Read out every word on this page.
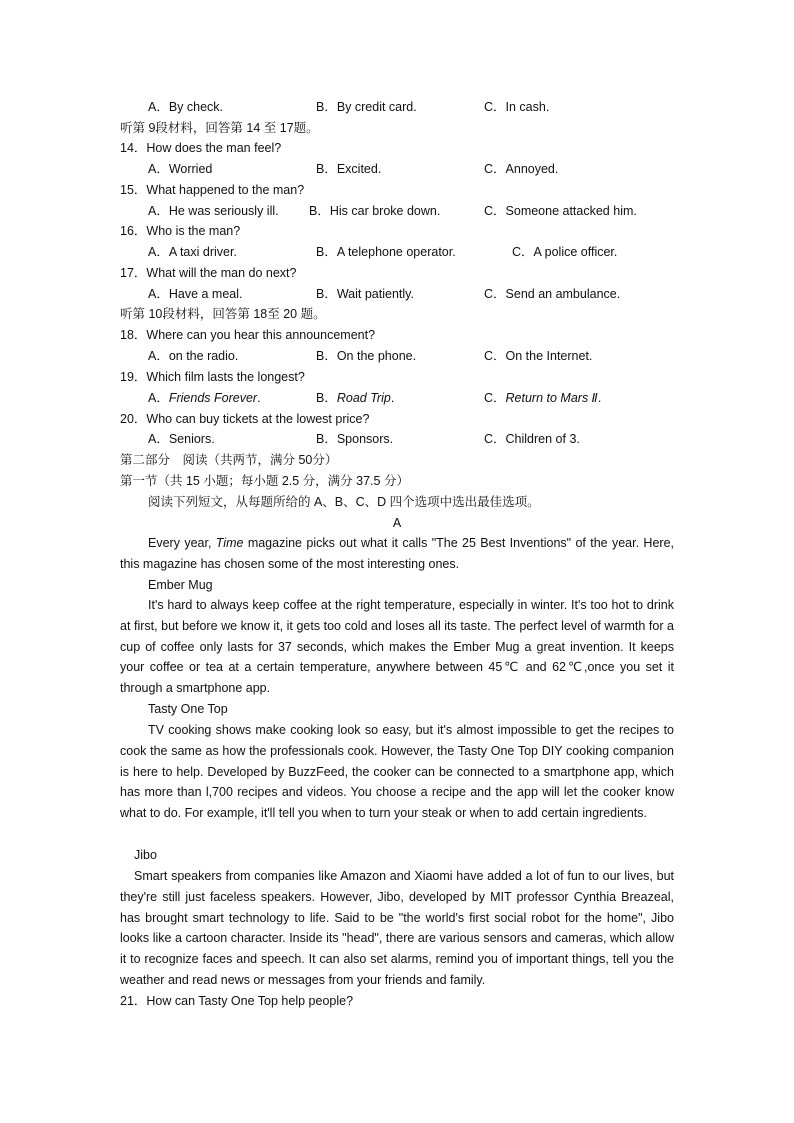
A．By check.	B．By credit card.	C．In cash.
听第 9段材料，回答第 14 至 17题。
14．How does the man feel?
A．Worried	B．Excited.	C．Annoyed.
15．What happened to the man?
A．He was seriously ill. B．His car broke down.	C．Someone attacked him.
16．Who is the man?
A．A taxi driver.	B．A telephone operator.	C．A police officer.
17．What will the man do next?
A．Have a meal.	B．Wait patiently.	C．Send an ambulance.
听第 10段材料，回答第 18至 20 题。
18．Where can you hear this announcement?
A．on the radio.	B．On the phone.	C．On the Internet.
19．Which film lasts the longest?
A．Friends Forever.	B．Road Trip.	C．Return to Mars Ⅱ.
20．Who can buy tickets at the lowest price?
A．Seniors.	B．Sponsors.	C．Children of 3.
第二部分　阅读（共两节，满分 50分）
第一节（共 15 小题；每小题 2.5 分，满分 37.5 分）
阅读下列短文，从每题所给的 A、B、C、D 四个选项中选出最佳选项。
A
Every year, Time magazine picks out what it calls "The 25 Best Inventions" of the year. Here, this magazine has chosen some of the most interesting ones.
Ember Mug
It's hard to always keep coffee at the right temperature, especially in winter. It's too hot to drink at first, but before we know it, it gets too cold and loses all its taste. The perfect level of warmth for a cup of coffee only lasts for 37 seconds, which makes the Ember Mug a great invention. It keeps your coffee or tea at a certain temperature, anywhere between 45℃ and 62℃,once you set it through a smartphone app.
Tasty One Top
TV cooking shows make cooking look so easy, but it's almost impossible to get the recipes to cook the same as how the professionals cook. However, the Tasty One Top DIY cooking companion is here to help. Developed by BuzzFeed, the cooker can be connected to a smartphone app, which has more than l,700 recipes and videos. You choose a recipe and the app will let the cooker know what to do. For example, it'll tell you when to turn your steak or when to add certain ingredients.
Jibo
Smart speakers from companies like Amazon and Xiaomi have added a lot of fun to our lives, but they're still just faceless speakers. However, Jibo, developed by MIT professor Cynthia Breazeal, has brought smart technology to life. Said to be "the world's first social robot for the home", Jibo looks like a cartoon character. Inside its "head", there are various sensors and cameras, which allow it to recognize faces and speech. It can also set alarms, remind you of important things, tell you the weather and read news or messages from your friends and family.
21．How can Tasty One Top help people?
